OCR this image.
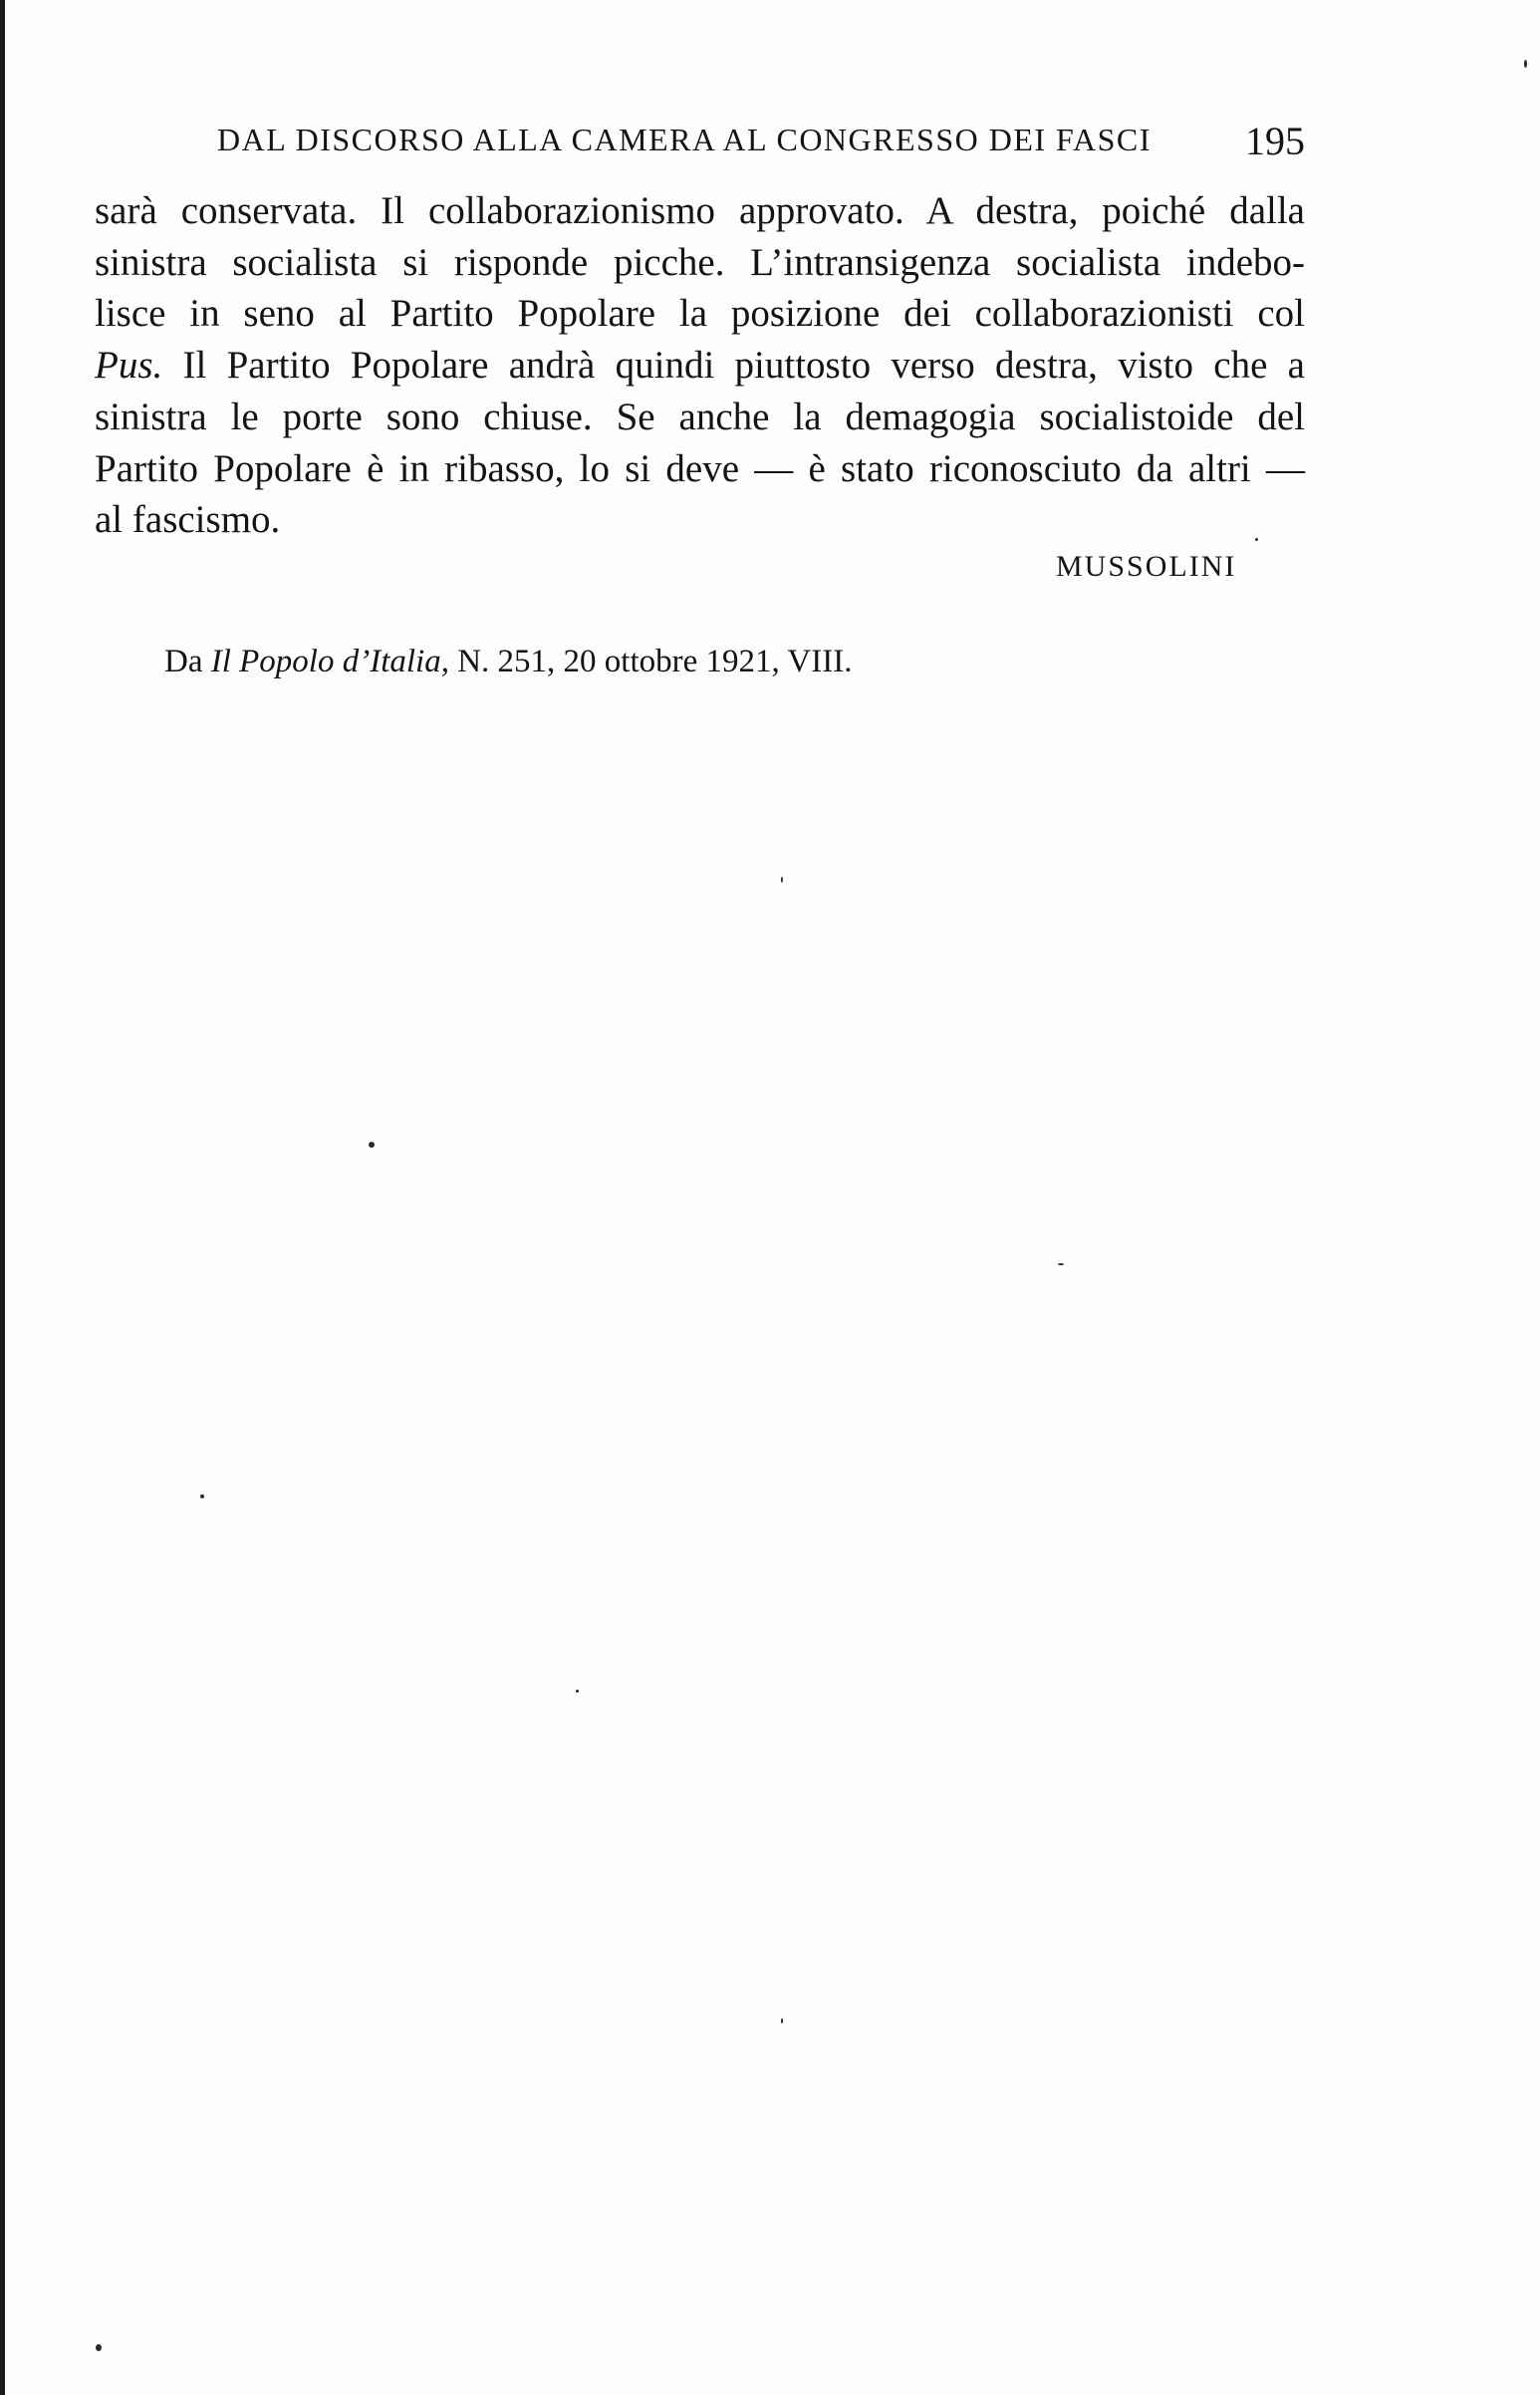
DAL DISCORSO ALLA CAMERA AL CONGRESSO DEI FASCI 195
sarà conservata. Il collaborazionismo approvato. A destra, poiché dalla
sinistra socialista si risponde picche. L’intransigenza socialista indebo-
lisce in seno al Partito Popolare la posizione dei collaborazionisti col
Pus. Il Partito Popolare andrà quindi piuttosto verso destra, visto che a
sinistra le porte sono chiuse. Se anche la demagogia socialistoide del
Partito Popolare è in ribasso, lo si deve — è stato riconosciuto da altri —
al fascismo.
MUSSOLINI
Da Il Popolo d’Italia, N. 251, 20 ottobre 1921, VIII.
